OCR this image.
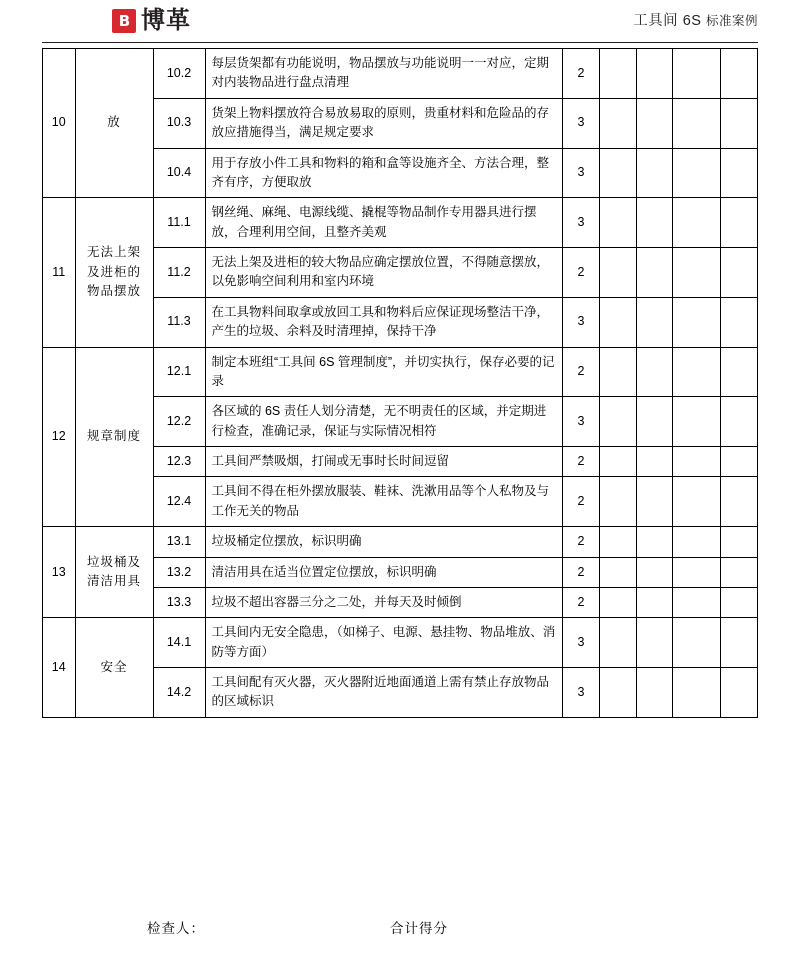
B 博革	工具间 6S 标准案例
10	放	10.2	每层货架都有功能说明，物品摆放与功能说明一一对应，定期对内装物品进行盘点清理	2				
		10.3	货架上物料摆放符合易放易取的原则，贵重材料和危险品的存放应措施得当，满足规定要求	3				
		10.4	用于存放小件工具和物料的箱和盒等设施齐全、方法合理，整齐有序，方便取放	3				
11	无法上架及进柜的物品摆放	11.1	钢丝绳、麻绳、电源线缆、撬棍等物品制作专用器具进行摆放，合理利用空间，且整齐美观	3				
		11.2	无法上架及进柜的较大物品应确定摆放位置，不得随意摆放，以免影响空间利用和室内环境	2				
		11.3	在工具物料间取拿或放回工具和物料后应保证现场整洁干净，产生的垃圾、余料及时清理掉，保持干净	3				
12	规章制度	12.1	制定本班组“工具间 6S 管理制度”，并切实执行，保存必要的记录	2				
		12.2	各区域的 6S 责任人划分清楚，无不明责任的区域，并定期进行检查，准确记录，保证与实际情况相符	3				
		12.3	工具间严禁吸烟，打闹或无事时长时间逗留	2				
		12.4	工具间不得在柜外摆放服装、鞋袜、洗漱用品等个人私物及与工作无关的物品	2				
13	垃圾桶及清洁用具	13.1	垃圾桶定位摆放，标识明确	2				
		13.2	清洁用具在适当位置定位摆放，标识明确	2				
		13.3	垃圾不超出容器三分之二处，并每天及时倾倒	2				
14	安全	14.1	工具间内无安全隐患，（如梯子、电源、悬挂物、物品堆放、消防等方面）	3				
		14.2	工具间配有灭火器，灭火器附近地面通道上需有禁止存放物品的区域标识	3				
检查人：	合计得分
